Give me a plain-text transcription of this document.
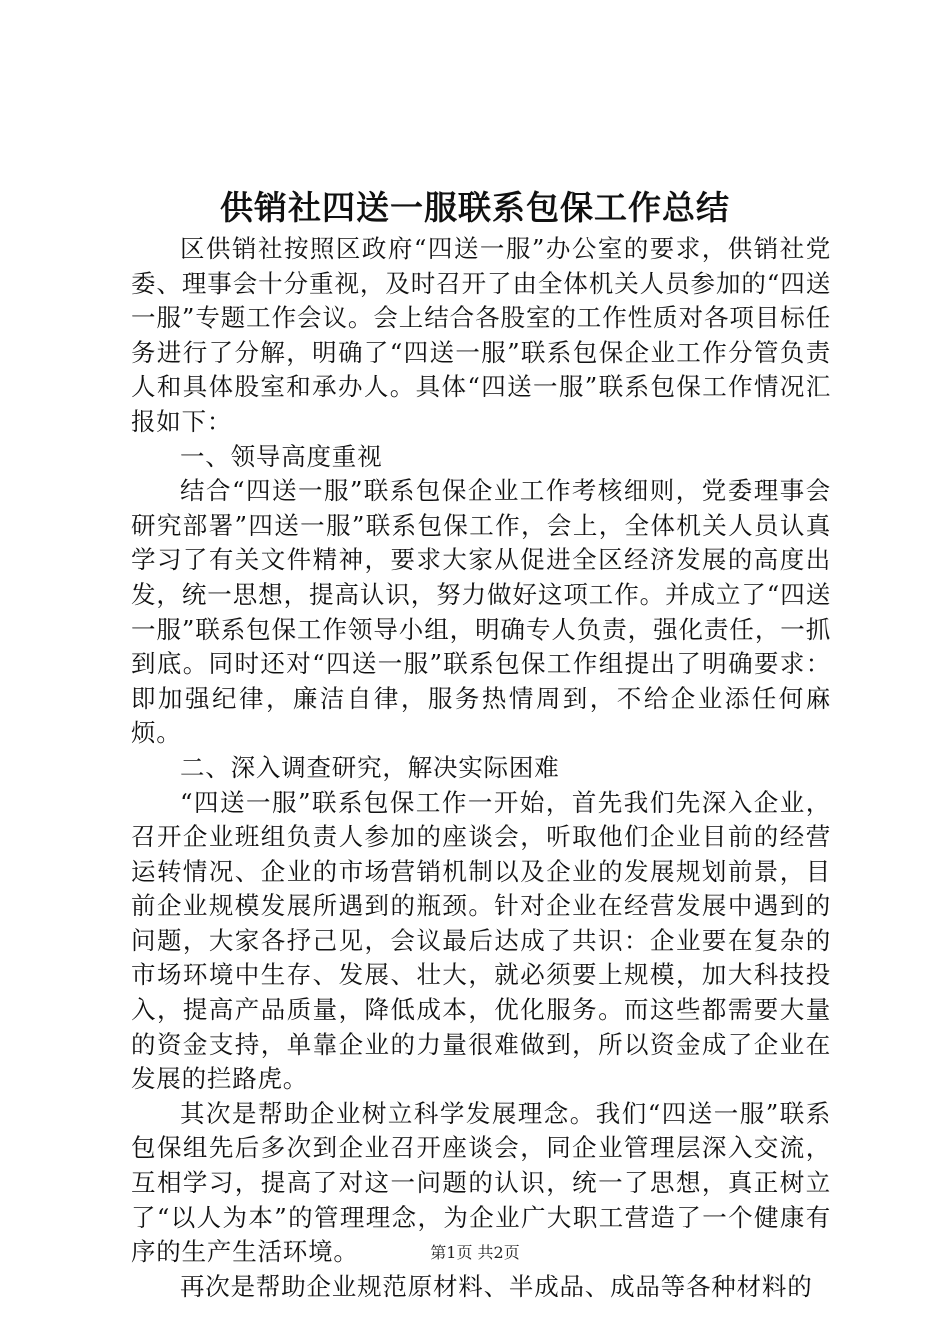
供销社四送一服联系包保工作总结

区供销社按照区政府“四送一服”办公室的要求，供销社党委、理事会十分重视，及时召开了由全体机关人员参加的“四送一服”专题工作会议。会上结合各股室的工作性质对各项目标任务进行了分解，明确了“四送一服”联系包保企业工作分管负责人和具体股室和承办人。具体“四送一服”联系包保工作情况汇报如下：

一、领导高度重视

结合“四送一服”联系包保企业工作考核细则，党委理事会研究部署”四送一服”联系包保工作，会上，全体机关人员认真学习了有关文件精神，要求大家从促进全区经济发展的高度出发，统一思想，提高认识，努力做好这项工作。并成立了“四送一服”联系包保工作领导小组，明确专人负责，强化责任，一抓到底。同时还对“四送一服”联系包保工作组提出了明确要求：即加强纪律，廉洁自律，服务热情周到，不给企业添任何麻烦。

二、深入调查研究，解决实际困难

“四送一服”联系包保工作一开始，首先我们先深入企业，召开企业班组负责人参加的座谈会，听取他们企业目前的经营运转情况、企业的市场营销机制以及企业的发展规划前景，目前企业规模发展所遇到的瓶颈。针对企业在经营发展中遇到的问题，大家各抒己见，会议最后达成了共识：企业要在复杂的市场环境中生存、发展、壮大，就必须要上规模，加大科技投入，提高产品质量，降低成本，优化服务。而这些都需要大量的资金支持，单靠企业的力量很难做到，所以资金成了企业在发展的拦路虎。

其次是帮助企业树立科学发展理念。我们“四送一服”联系包保组先后多次到企业召开座谈会，同企业管理层深入交流，互相学习，提高了对这一问题的认识，统一了思想，真正树立了“以人为本”的管理理念，为企业广大职工营造了一个健康有序的生产生活环境。

再次是帮助企业规范原材料、半成品、成品等各种材料的

第1页 共2页
